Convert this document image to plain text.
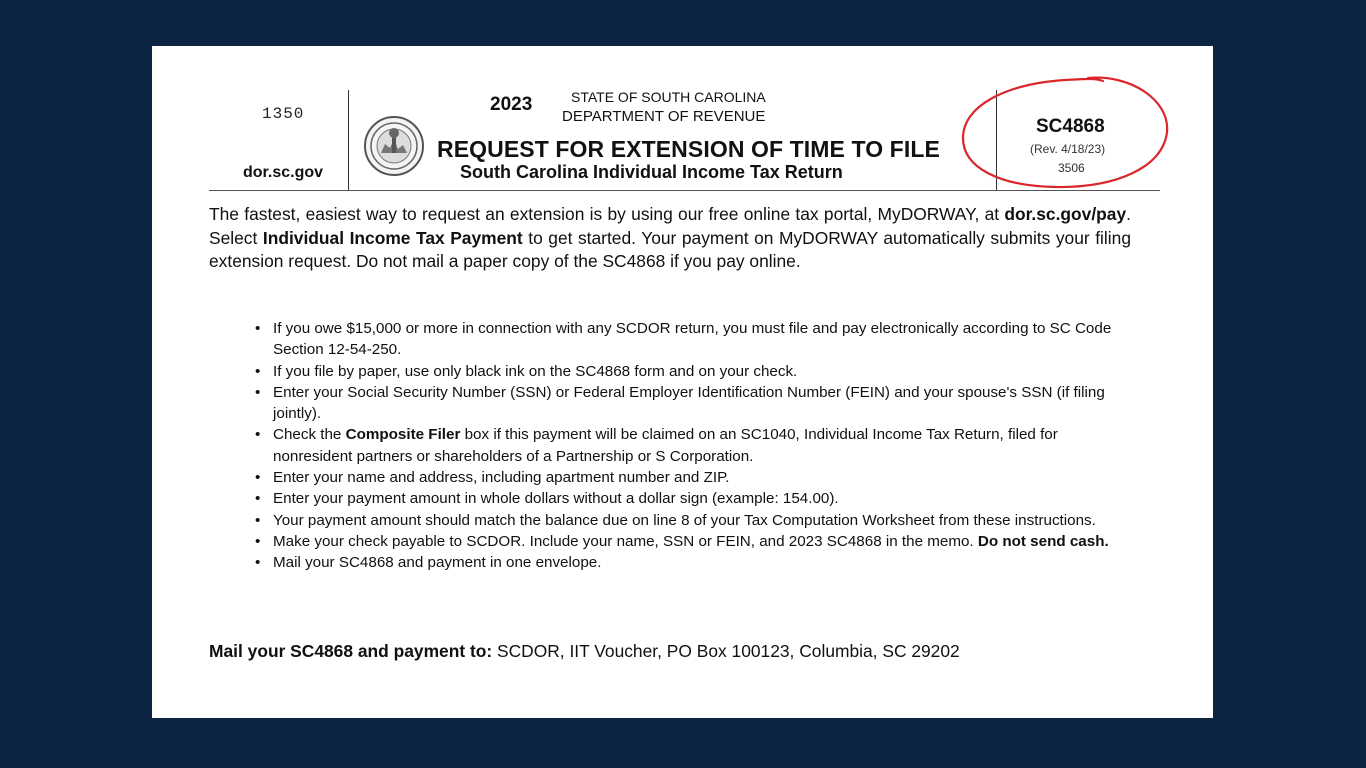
1350
dor.sc.gov
2023	STATE OF SOUTH CAROLINA
DEPARTMENT OF REVENUE
REQUEST FOR EXTENSION OF TIME TO FILE
South Carolina Individual Income Tax Return
SC4868
(Rev. 4/18/23)
3506
The fastest, easiest way to request an extension is by using our free online tax portal, MyDORWAY, at dor.sc.gov/pay. Select Individual Income Tax Payment to get started. Your payment on MyDORWAY automatically submits your filing extension request. Do not mail a paper copy of the SC4868 if you pay online.
• If you owe $15,000 or more in connection with any SCDOR return, you must file and pay electronically according to SC Code Section 12-54-250.
• If you file by paper, use only black ink on the SC4868 form and on your check.
• Enter your Social Security Number (SSN) or Federal Employer Identification Number (FEIN) and your spouse's SSN (if filing jointly).
• Check the Composite Filer box if this payment will be claimed on an SC1040, Individual Income Tax Return, filed for nonresident partners or shareholders of a Partnership or S Corporation.
• Enter your name and address, including apartment number and ZIP.
• Enter your payment amount in whole dollars without a dollar sign (example: 154.00).
• Your payment amount should match the balance due on line 8 of your Tax Computation Worksheet from these instructions.
• Make your check payable to SCDOR. Include your name, SSN or FEIN, and 2023 SC4868 in the memo. Do not send cash.
• Mail your SC4868 and payment in one envelope.
Mail your SC4868 and payment to: SCDOR, IIT Voucher, PO Box 100123, Columbia, SC 29202
